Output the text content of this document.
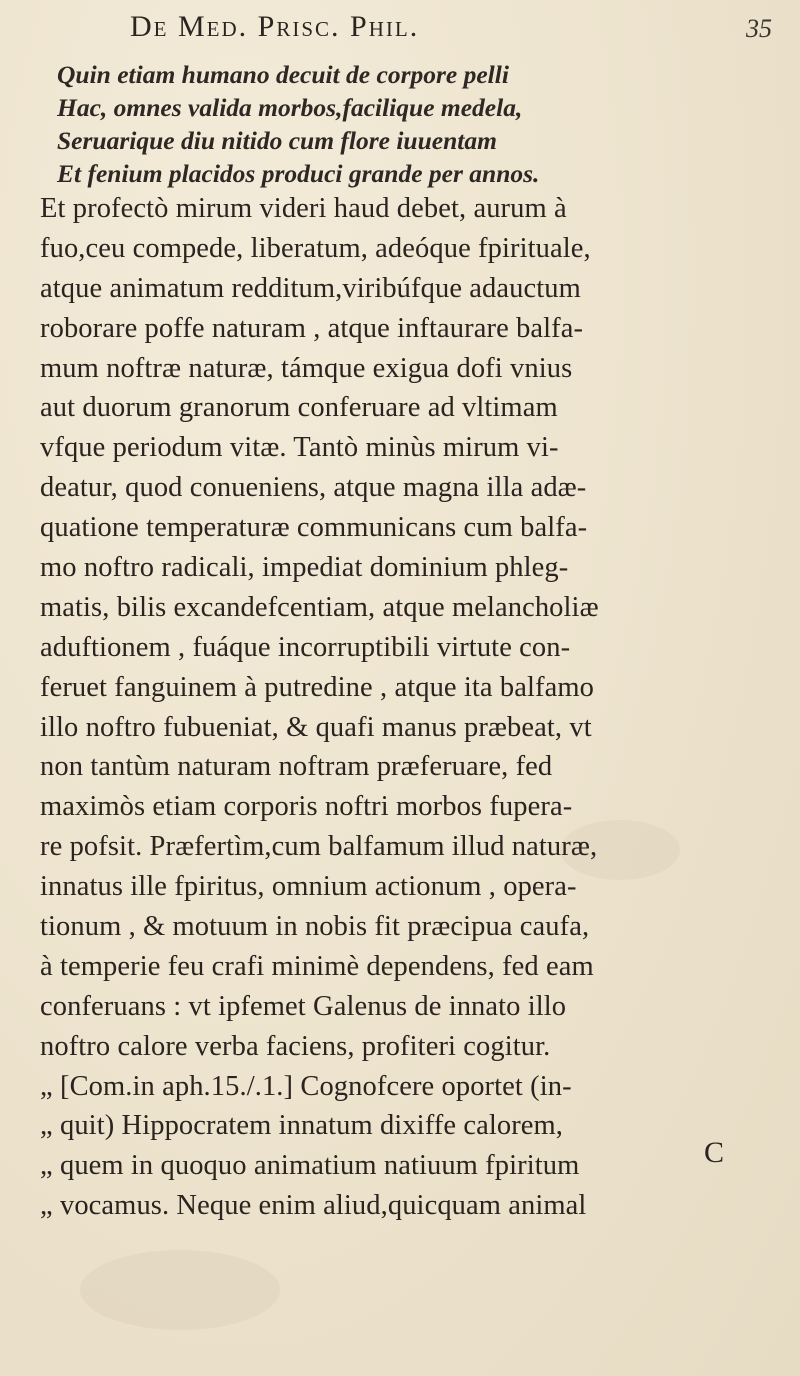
De Med. Prisc. Phil.	35
Quin etiam humano decuit de corpore pelli
Hac, omnes valida morbos,facilique medela,
Seruarique diu nitido cum flore iuuentam
Et fenium placidos produci grande per annos.
Et profectò mirum videri haud debet, aurum à
fuo,ceu compede, liberatum, adeóque fpirituale,
atque animatum redditum,viribúfque adauctum
roborare poffe naturam , atque inftaurare balfa-
mum noftræ naturæ, támque exigua dofi vnius
aut duorum granorum conferuare ad vltimam
vfque periodum vitæ. Tantò minùs mirum vi-
deatur, quod conueniens, atque magna illa adæ-
quatione temperaturæ communicans cum balfa-
mo noftro radicali, impediat dominium phleg-
matis, bilis excandefcentiam, atque melancholiæ
aduftionem , fuáque incorruptibili virtute con-
feruet fanguinem à putredine , atque ita balfamo
illo noftro fubueniat, & quafi manus præbeat, vt
non tantùm naturam noftram præferuare, fed
maximòs etiam corporis noftri morbos fupera-
re pofsit. Præfertìm,cum balfamum illud naturæ,
innatus ille fpiritus, omnium actionum , opera-
tionum , & motuum in nobis fit præcipua caufa,
à temperie feu crafi minimè dependens, fed eam
conferuans : vt ipfemet Galenus de innato illo
noftro calore verba faciens, profiteri cogitur.
„ [Com.in aph.15./.1.] Cognofcere oportet (in-
„ quit) Hippocratem innatum dixiffe calorem,
„ quem in quoquo animatium natiuum fpiritum
„ vocamus. Neque enim aliud,quicquam animal
C
